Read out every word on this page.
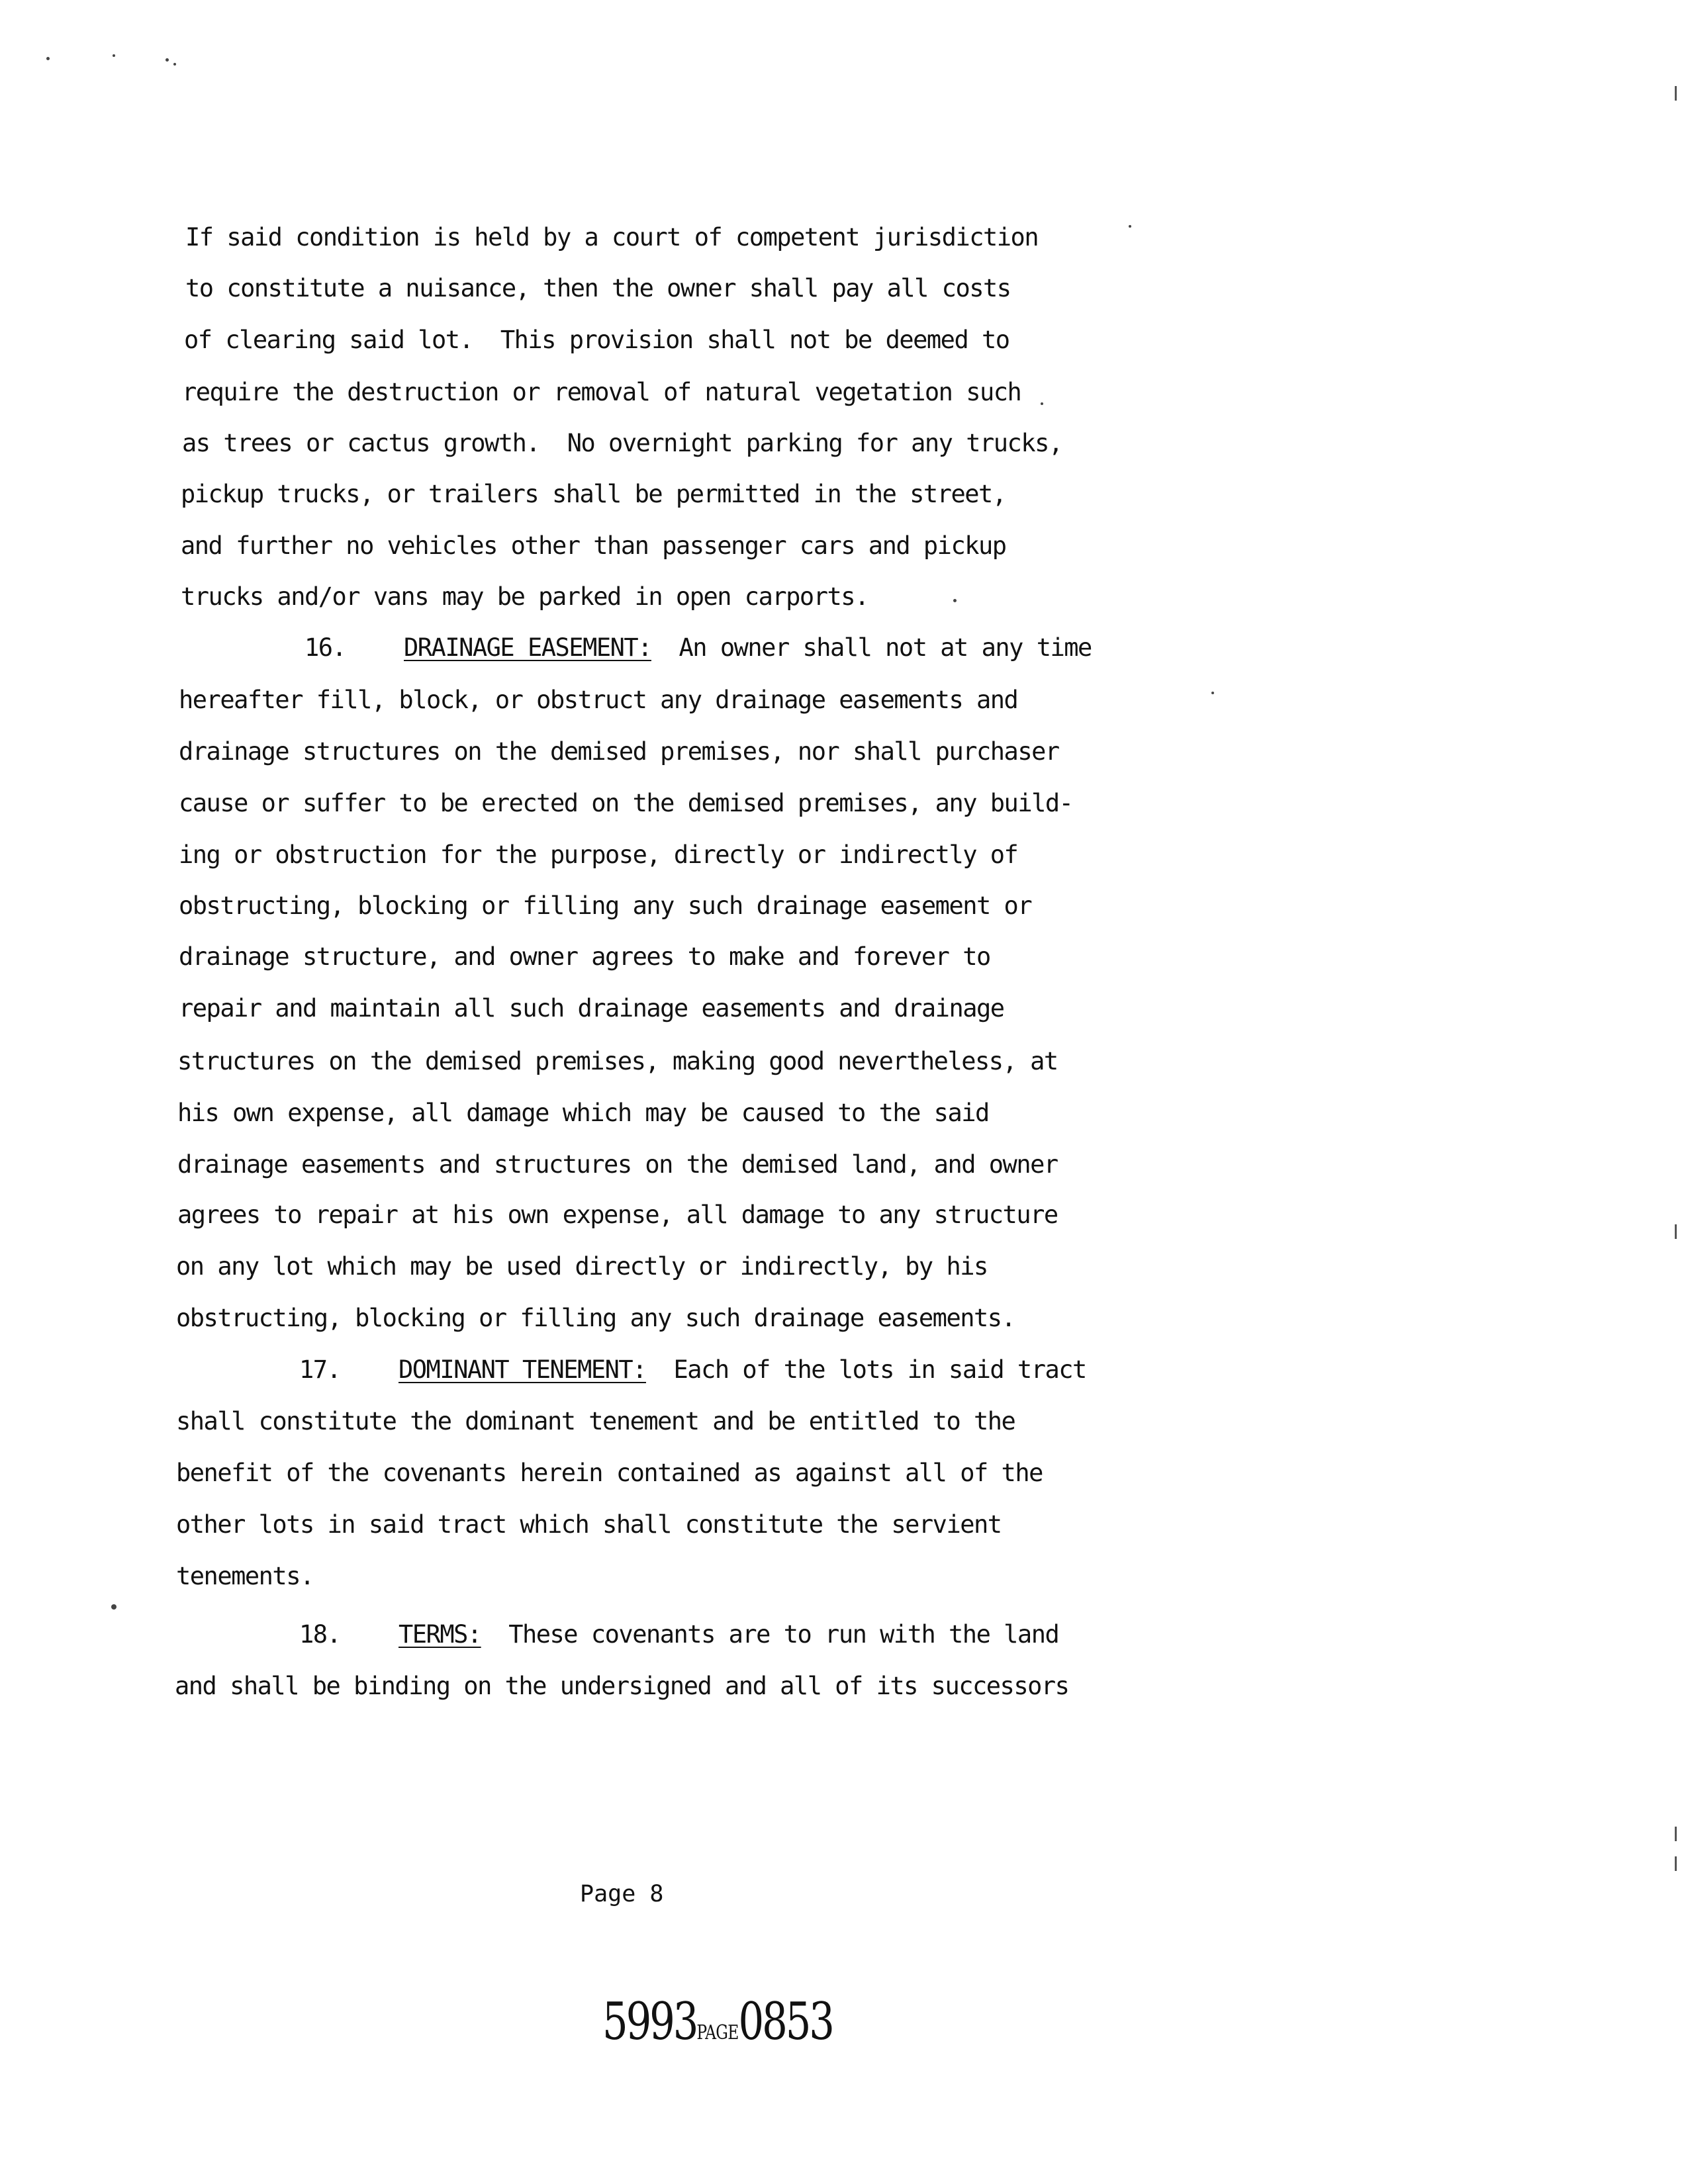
If said condition is held by a court of competent jurisdiction
to constitute a nuisance, then the owner shall pay all costs
of clearing said lot.  This provision shall not be deemed to
require the destruction or removal of natural vegetation such
as trees or cactus growth.  No overnight parking for any trucks,
pickup trucks, or trailers shall be permitted in the street,
and further no vehicles other than passenger cars and pickup
trucks and/or vans may be parked in open carports.
16. DRAINAGE EASEMENT:  An owner shall not at any time
hereafter fill, block, or obstruct any drainage easements and
drainage structures on the demised premises, nor shall purchaser
cause or suffer to be erected on the demised premises, any build-
ing or obstruction for the purpose, directly or indirectly of
obstructing, blocking or filling any such drainage easement or
drainage structure, and owner agrees to make and forever to
repair and maintain all such drainage easements and drainage
structures on the demised premises, making good nevertheless, at
his own expense, all damage which may be caused to the said
drainage easements and structures on the demised land, and owner
agrees to repair at his own expense, all damage to any structure
on any lot which may be used directly or indirectly, by his
obstructing, blocking or filling any such drainage easements.
17. DOMINANT TENEMENT:  Each of the lots in said tract
shall constitute the dominant tenement and be entitled to the
benefit of the covenants herein contained as against all of the
other lots in said tract which shall constitute the servient
tenements.
18. TERMS:  These covenants are to run with the land
and shall be binding on the undersigned and all of its successors
Page 8
5993PAGE0853
